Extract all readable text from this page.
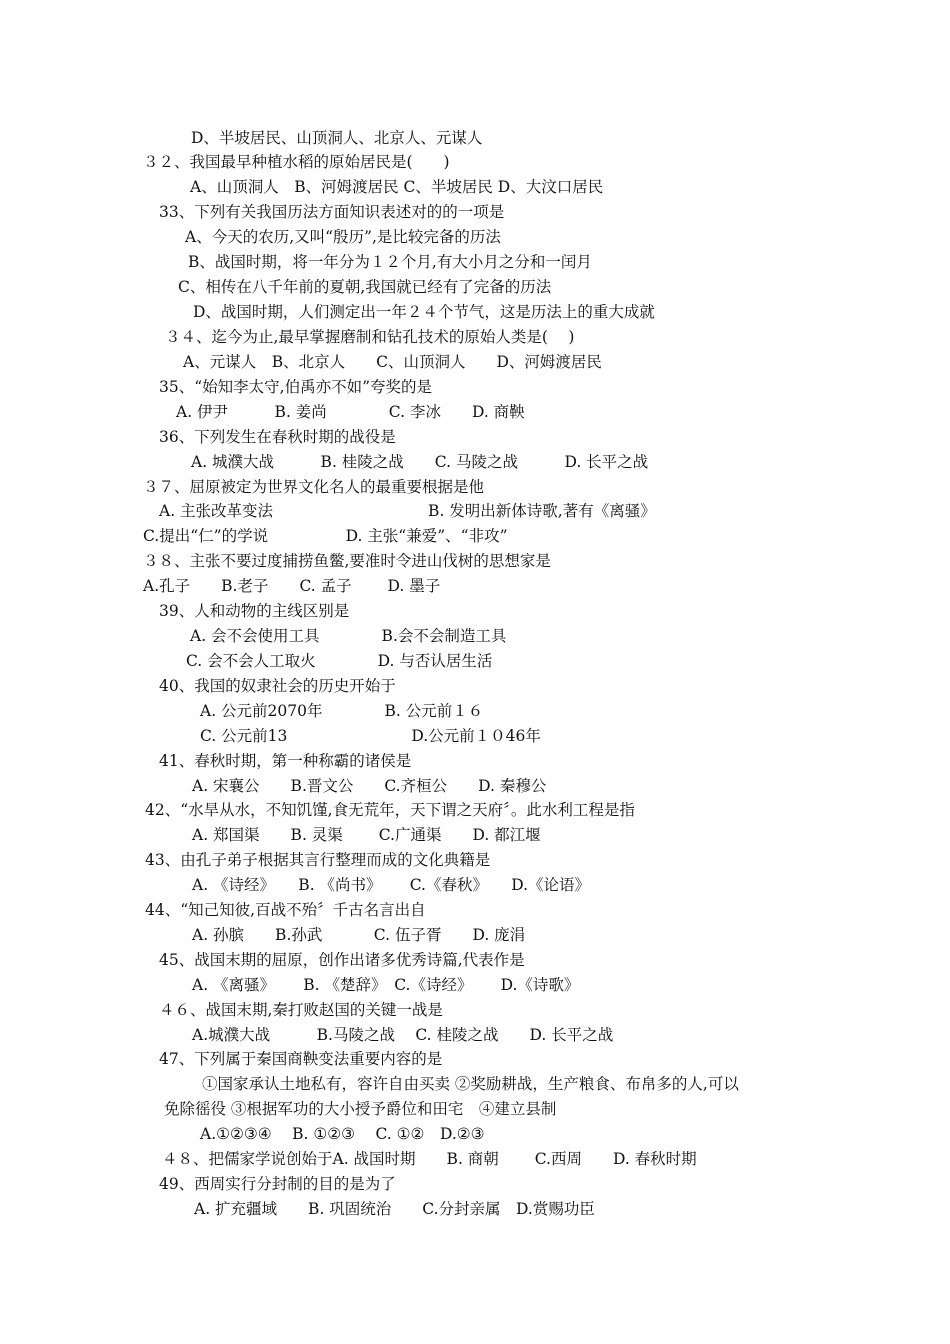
D、半坡居民、山顶洞人、北京人、元谋人
３２、我国最早种植水稻的原始居民是(　　)
A、山顶洞人　B、河姆渡居民 C、半坡居民 D、大汶口居民
33、下列有关我国历法方面知识表述对的的一项是
A、今天的农历,又叫“殷历”,是比较完备的历法
B、战国时期，将一年分为１２个月,有大小月之分和一闰月
C、相传在八千年前的夏朝,我国就已经有了完备的历法
D、战国时期，人们测定出一年２４个节气，这是历法上的重大成就
３４、迄今为止,最早掌握磨制和钻孔技术的原始人类是(　 )
A、元谋人　B、北京人　　C、山顶洞人　　D、河姆渡居民
35、“始知李太守,伯禹亦不如”夸奖的是
A. 伊尹　　　B. 姜尚　　　　C. 李冰　　D. 商鞅
36、下列发生在春秋时期的战役是
A. 城濮大战　　　B. 桂陵之战　　C. 马陵之战　　　D. 长平之战
３７、屈原被定为世界文化名人的最重要根据是他
A. 主张改革变法　　　　　　　　　　B. 发明出新体诗歌,著有《离骚》
C.提出“仁”的学说　　　　　D. 主张“兼爱”、“非攻”
３８、主张不要过度捕捞鱼鳖,要准时令进山伐树的思想家是
A.孔子　　B.老子　　C. 孟子　　 D. 墨子
39、人和动物的主线区别是
A. 会不会使用工具　　　　B.会不会制造工具
C. 会不会人工取火　　　　D. 与否认居生活
40、我国的奴隶社会的历史开始于
A. 公元前2070年　　　　B. 公元前１６
C. 公元前13　　　　　　　　D.公元前１０46年
41、春秋时期，第一种称霸的诸侯是
A. 宋襄公　　B.晋文公　　C.齐桓公　　D. 秦穆公
42、“水旱从水，不知饥馑,食无荒年，天下谓之天府〞。此水利工程是指
A. 郑国渠　　B. 灵渠　　 C.广通渠　　D. 都江堰
43、由孔子弟子根据其言行整理而成的文化典籍是
A. 《诗经》　　B. 《尚书》　　 C.《春秋》　　D.《论语》
44、“知己知彼,百战不殆〞千古名言出自
A. 孙膑　　B.孙武　　　 C. 伍子胥　　D. 庞涓
45、战国末期的屈原，创作出诸多优秀诗篇,代表作是
A. 《离骚》　　 B. 《楚辞》　C.《诗经》　　 D.《诗歌》
４６、战国末期,秦打败赵国的关键一战是
A.城濮大战　　　B.马陵之战　 C. 桂陵之战　　D. 长平之战
47、下列属于秦国商鞅变法重要内容的是
①国家承认土地私有，容许自由买卖 ②奖励耕战，生产粮食、布帛多的人,可以
免除徭役 ③根据军功的大小授予爵位和田宅　④建立县制
A.①②③④　 B. ①②③　 C. ①②　D.②③
４８、把儒家学说创始于A. 战国时期　　B. 商朝　　 C.西周　　D. 春秋时期
49、西周实行分封制的目的是为了
A. 扩充疆域　　B. 巩固统治　　C.分封亲属　D.赏赐功臣
